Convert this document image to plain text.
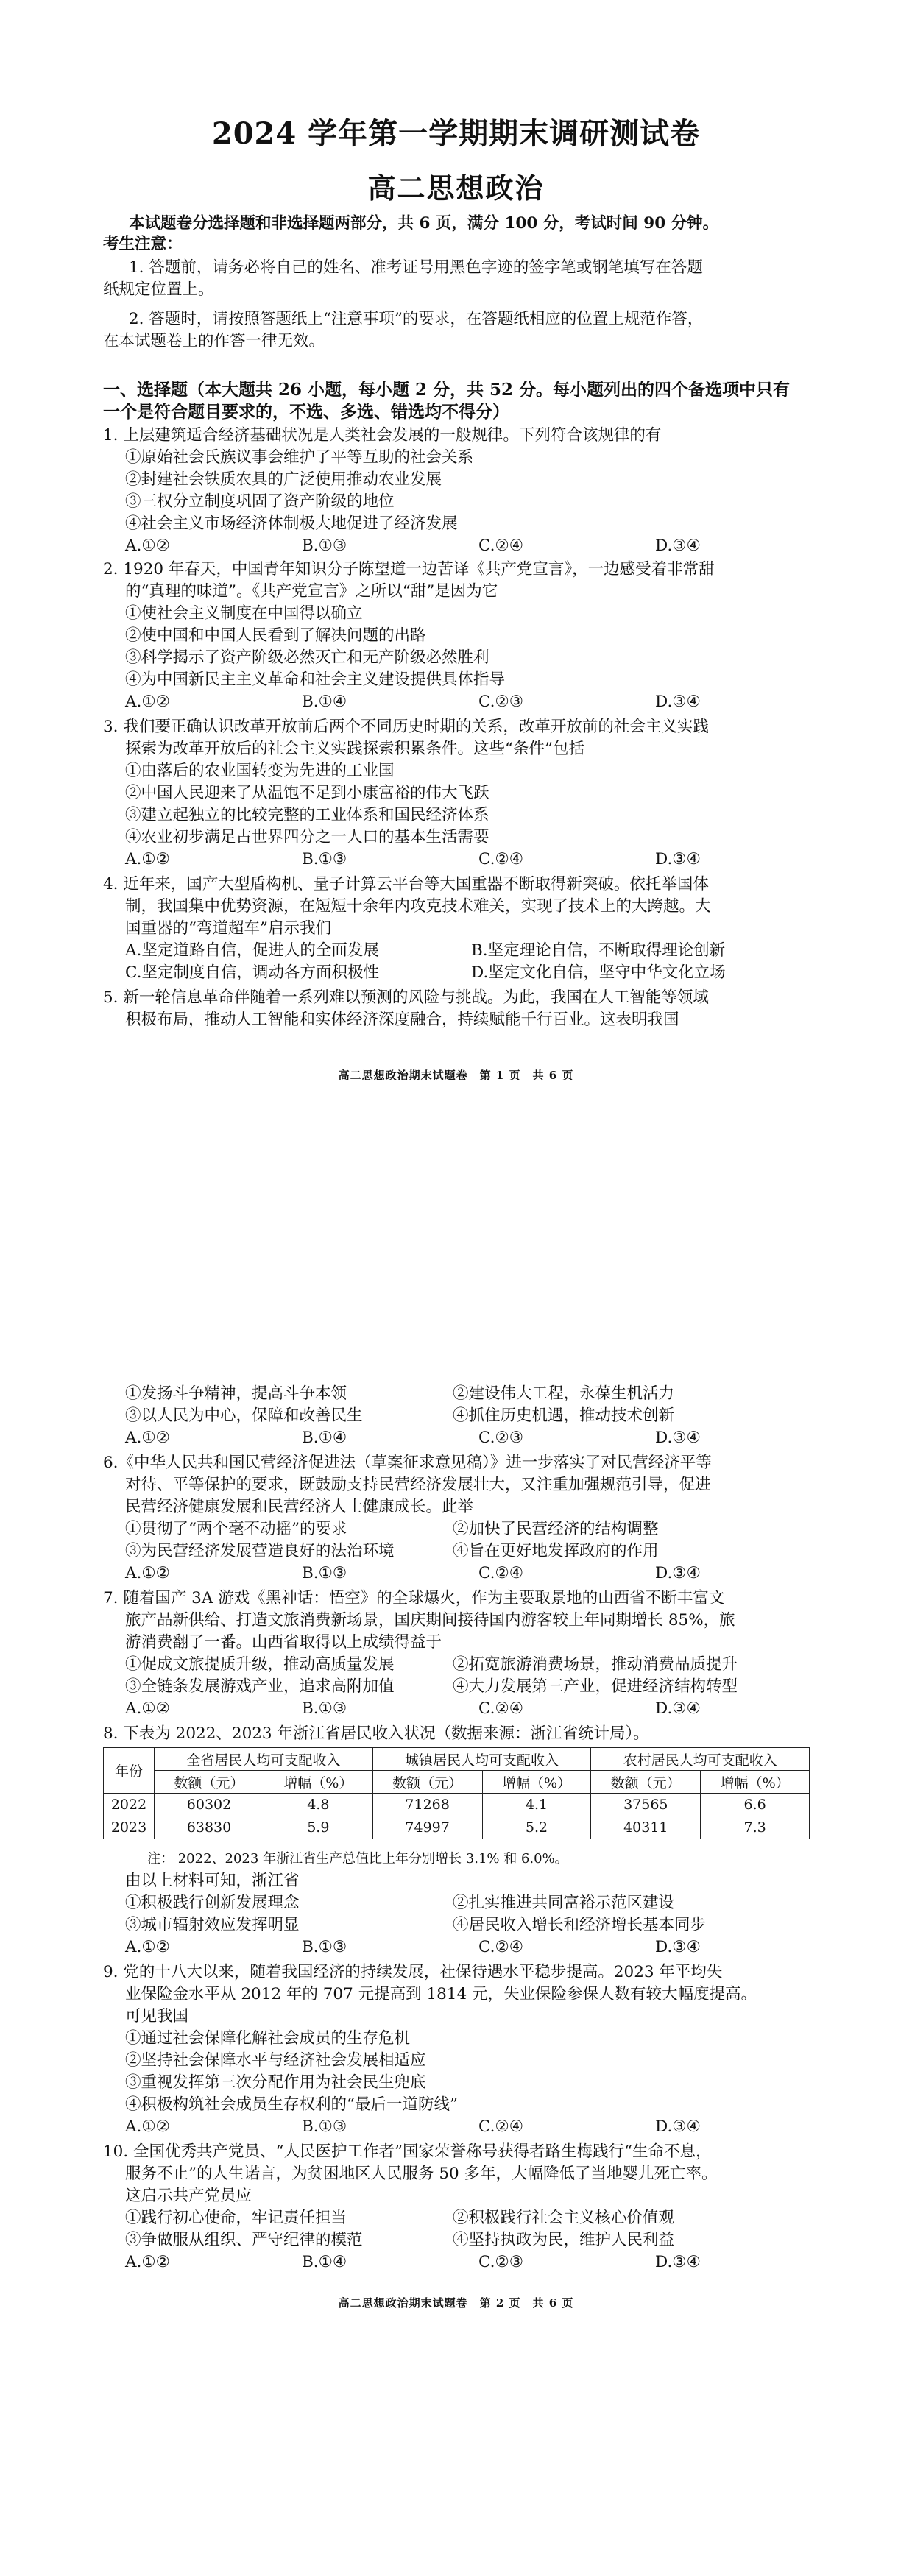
2024 学年第一学期期末调研测试卷
高二思想政治
本试题卷分选择题和非选择题两部分，共 6 页，满分 100 分，考试时间 90 分钟。
考生注意：
1. 答题前，请务必将自己的姓名、准考证号用黑色字迹的签字笔或钢笔填写在答题
纸规定位置上。
2. 答题时，请按照答题纸上“注意事项”的要求，在答题纸相应的位置上规范作答，
在本试题卷上的作答一律无效。
一、选择题（本大题共 26 小题，每小题 2 分，共 52 分。每小题列出的四个备选项中只有
一个是符合题目要求的，不选、多选、错选均不得分）
1. 上层建筑适合经济基础状况是人类社会发展的一般规律。下列符合该规律的有
①原始社会氏族议事会维护了平等互助的社会关系
②封建社会铁质农具的广泛使用推动农业发展
③三权分立制度巩固了资产阶级的地位
④社会主义市场经济体制极大地促进了经济发展
A.①②	B.①③	C.②④	D.③④
2. 1920 年春天，中国青年知识分子陈望道一边苦译《共产党宣言》，一边感受着非常甜
的“真理的味道”。《共产党宣言》之所以“甜”是因为它
①使社会主义制度在中国得以确立
②使中国和中国人民看到了解决问题的出路
③科学揭示了资产阶级必然灭亡和无产阶级必然胜利
④为中国新民主主义革命和社会主义建设提供具体指导
A.①②	B.①④	C.②③	D.③④
3. 我们要正确认识改革开放前后两个不同历史时期的关系，改革开放前的社会主义实践
探索为改革开放后的社会主义实践探索积累条件。这些“条件”包括
①由落后的农业国转变为先进的工业国
②中国人民迎来了从温饱不足到小康富裕的伟大飞跃
③建立起独立的比较完整的工业体系和国民经济体系
④农业初步满足占世界四分之一人口的基本生活需要
A.①②	B.①③	C.②④	D.③④
4. 近年来，国产大型盾构机、量子计算云平台等大国重器不断取得新突破。依托举国体
制，我国集中优势资源，在短短十余年内攻克技术难关，实现了技术上的大跨越。大
国重器的“弯道超车”启示我们
A.坚定道路自信，促进人的全面发展	B.坚定理论自信，不断取得理论创新
C.坚定制度自信，调动各方面积极性	D.坚定文化自信，坚守中华文化立场
5. 新一轮信息革命伴随着一系列难以预测的风险与挑战。为此，我国在人工智能等领域
积极布局，推动人工智能和实体经济深度融合，持续赋能千行百业。这表明我国
高二思想政治期末试题卷　第 1 页　共 6 页
①发扬斗争精神，提高斗争本领	②建设伟大工程，永葆生机活力
③以人民为中心，保障和改善民生	④抓住历史机遇，推动技术创新
A.①②	B.①④	C.②③	D.③④
6.《中华人民共和国民营经济促进法（草案征求意见稿）》进一步落实了对民营经济平等
对待、平等保护的要求，既鼓励支持民营经济发展壮大，又注重加强规范引导，促进
民营经济健康发展和民营经济人士健康成长。此举
①贯彻了“两个毫不动摇”的要求	②加快了民营经济的结构调整
③为民营经济发展营造良好的法治环境	④旨在更好地发挥政府的作用
A.①②	B.①③	C.②④	D.③④
7. 随着国产 3A 游戏《黑神话：悟空》的全球爆火，作为主要取景地的山西省不断丰富文
旅产品新供给、打造文旅消费新场景，国庆期间接待国内游客较上年同期增长 85%，旅
游消费翻了一番。山西省取得以上成绩得益于
①促成文旅提质升级，推动高质量发展	②拓宽旅游消费场景，推动消费品质提升
③全链条发展游戏产业，追求高附加值	④大力发展第三产业，促进经济结构转型
A.①②	B.①③	C.②④	D.③④
8. 下表为 2022、2023 年浙江省居民收入状况（数据来源：浙江省统计局）。
年份	全省居民人均可支配收入		城镇居民人均可支配收入		农村居民人均可支配收入	
	数额（元）	增幅（%）	数额（元）	增幅（%）	数额（元）	增幅（%）
2022	60302	4.8	71268	4.1	37565	6.6
2023	63830	5.9	74997	5.2	40311	7.3
注： 2022、2023 年浙江省生产总值比上年分别增长 3.1% 和 6.0%。
由以上材料可知，浙江省
①积极践行创新发展理念	②扎实推进共同富裕示范区建设
③城市辐射效应发挥明显	④居民收入增长和经济增长基本同步
A.①②	B.①③	C.②④	D.③④
9. 党的十八大以来，随着我国经济的持续发展，社保待遇水平稳步提高。2023 年平均失
业保险金水平从 2012 年的 707 元提高到 1814 元，失业保险参保人数有较大幅度提高。
可见我国
①通过社会保障化解社会成员的生存危机
②坚持社会保障水平与经济社会发展相适应
③重视发挥第三次分配作用为社会民生兜底
④积极构筑社会成员生存权利的“最后一道防线”
A.①②	B.①③	C.②④	D.③④
10. 全国优秀共产党员、“人民医护工作者”国家荣誉称号获得者路生梅践行“生命不息，
服务不止”的人生诺言，为贫困地区人民服务 50 多年，大幅降低了当地婴儿死亡率。
这启示共产党员应
①践行初心使命，牢记责任担当	②积极践行社会主义核心价值观
③争做服从组织、严守纪律的模范	④坚持执政为民，维护人民利益
A.①②	B.①④	C.②③	D.③④
高二思想政治期末试题卷　第 2 页　共 6 页
